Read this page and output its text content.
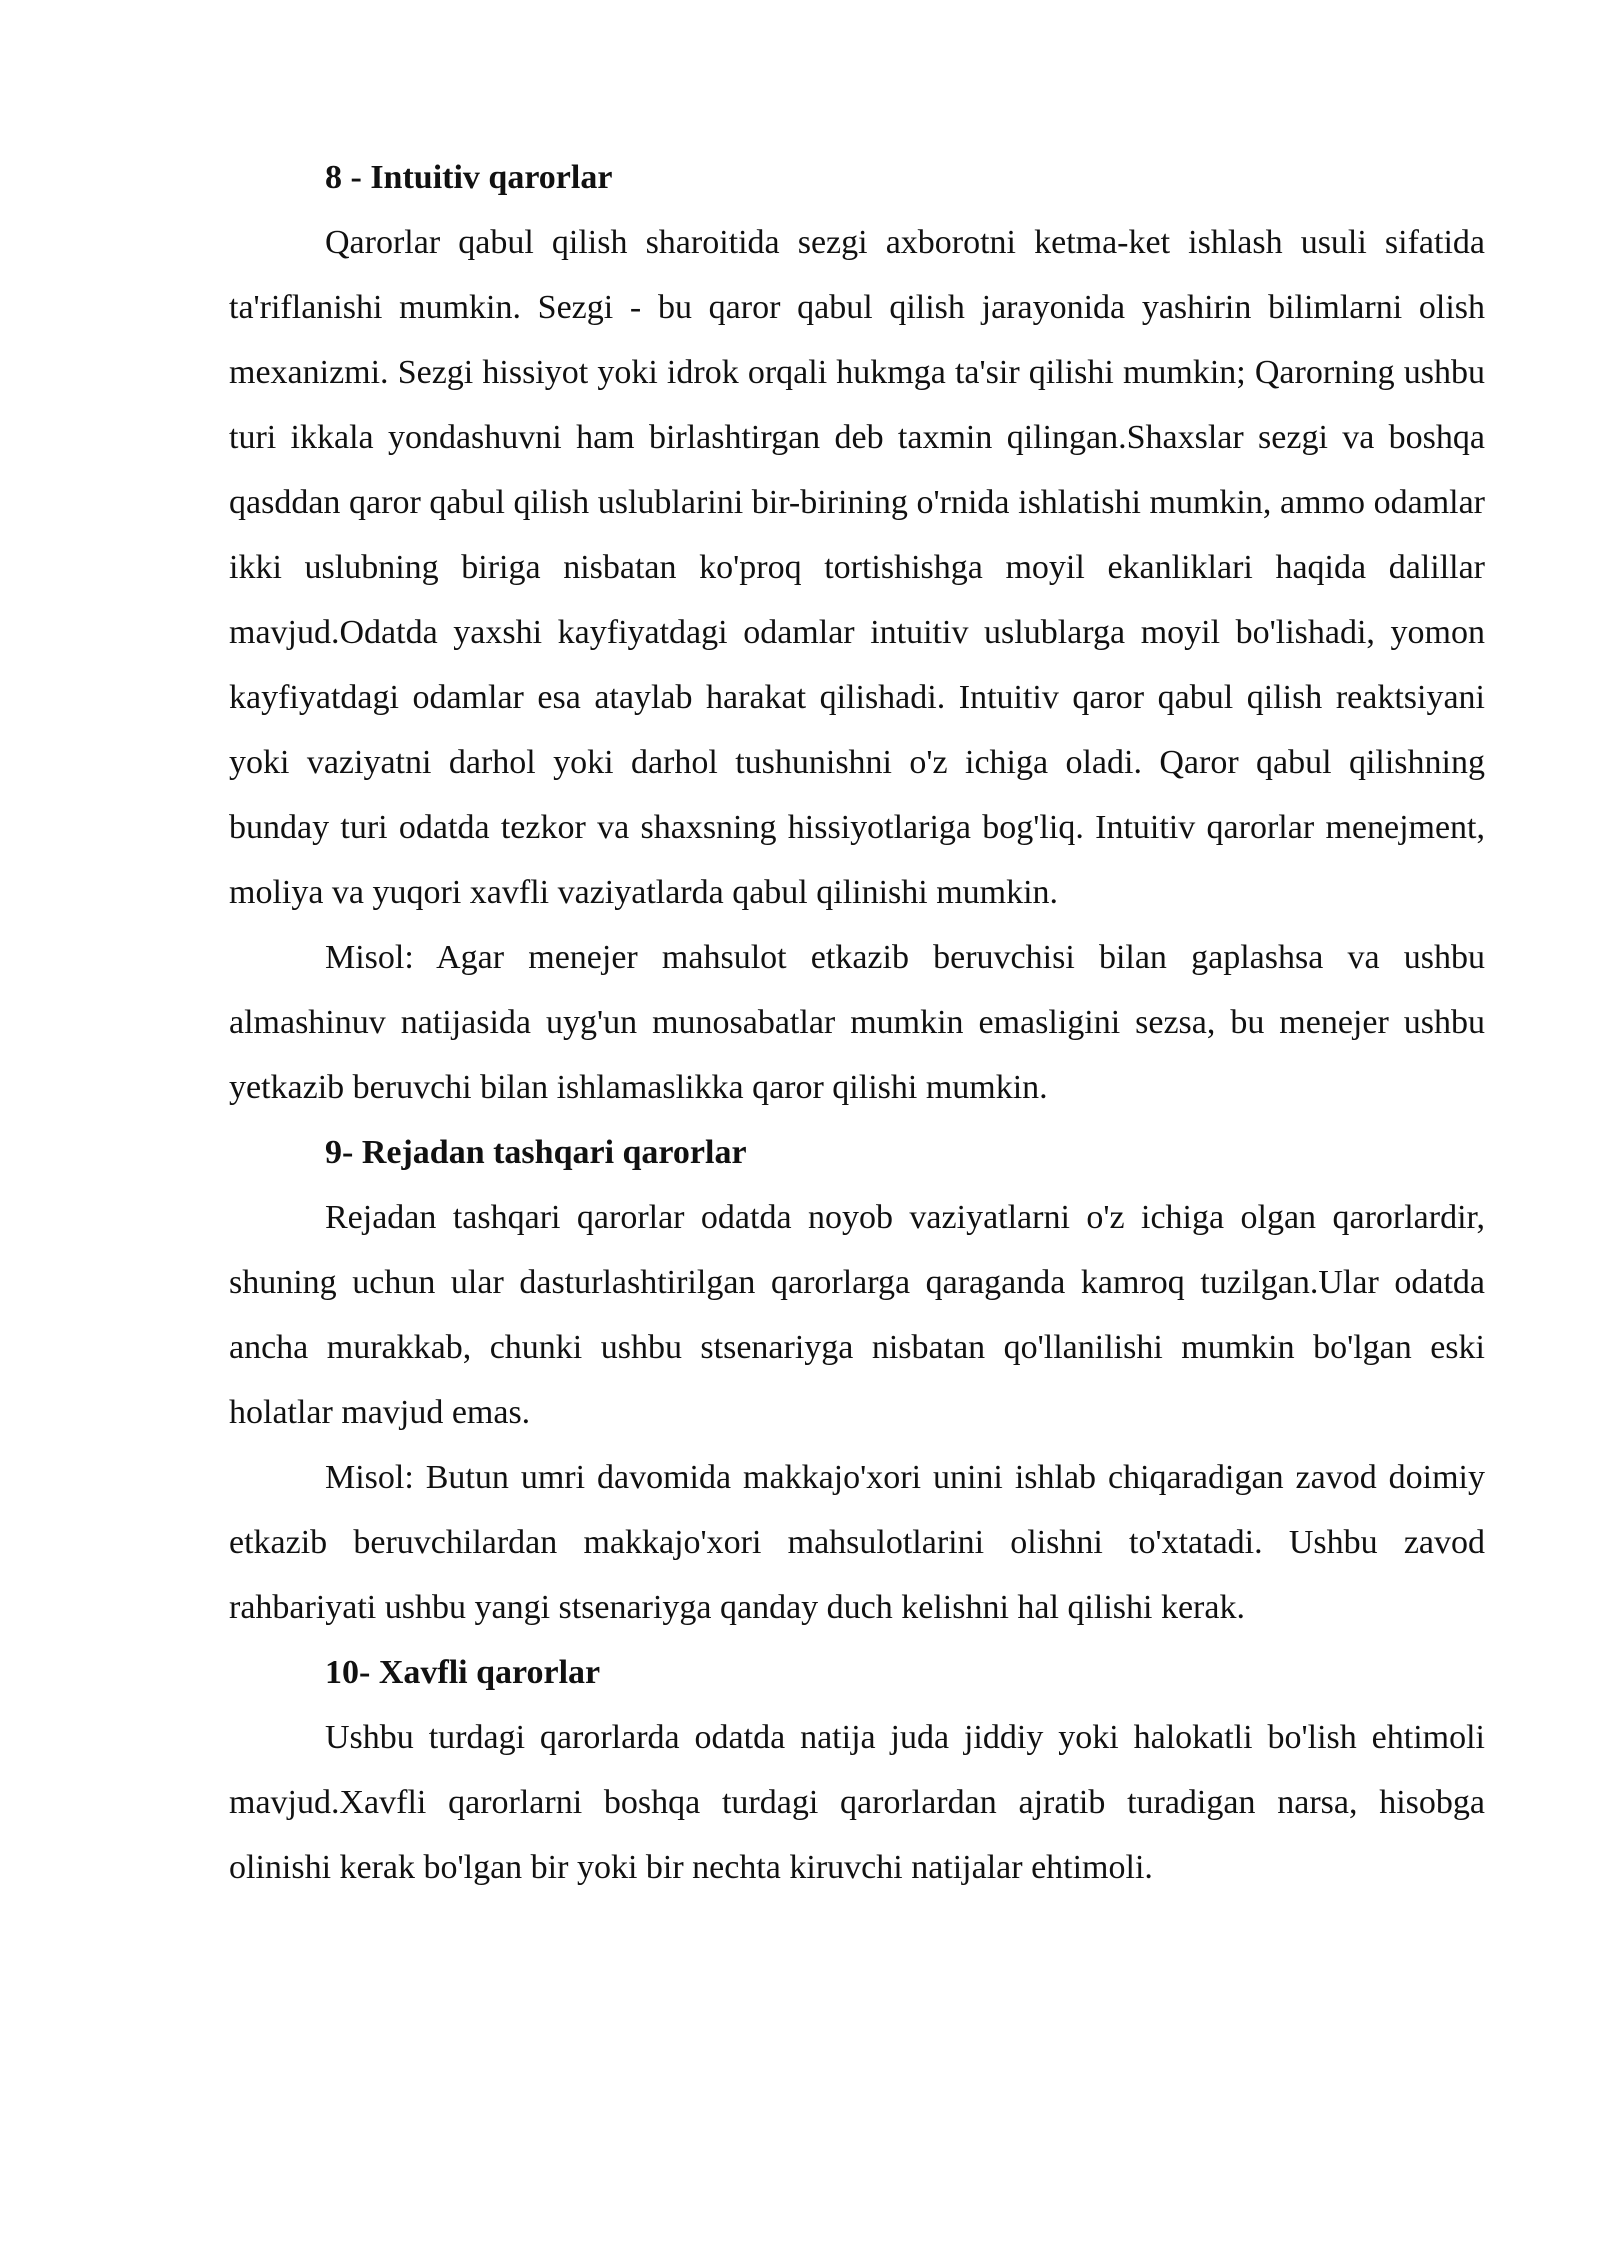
8 - Intuitiv qarorlar

Qarorlar qabul qilish sharoitida sezgi axborotni ketma-ket ishlash usuli sifatida ta'riflanishi mumkin. Sezgi - bu qaror qabul qilish jarayonida yashirin bilimlarni olish mexanizmi. Sezgi hissiyot yoki idrok orqali hukmga ta'sir qilishi mumkin; Qarorning ushbu turi ikkala yondashuvni ham birlashtirgan deb taxmin qilingan.Shaxslar sezgi va boshqa qasddan qaror qabul qilish uslublarini bir-birining o'rnida ishlatishi mumkin, ammo odamlar ikki uslubning biriga nisbatan ko'proq tortishishga moyil ekanliklari haqida dalillar mavjud.Odatda yaxshi kayfiyatdagi odamlar intuitiv uslublarga moyil bo'lishadi, yomon kayfiyatdagi odamlar esa ataylab harakat qilishadi. Intuitiv qaror qabul qilish reaktsiyani yoki vaziyatni darhol yoki darhol tushunishni o'z ichiga oladi. Qaror qabul qilishning bunday turi odatda tezkor va shaxsning hissiyotlariga bog'liq. Intuitiv qarorlar menejment, moliya va yuqori xavfli vaziyatlarda qabul qilinishi mumkin.

Misol: Agar menejer mahsulot etkazib beruvchisi bilan gaplashsa va ushbu almashinuv natijasida uyg'un munosabatlar mumkin emasligini sezsa, bu menejer ushbu yetkazib beruvchi bilan ishlamaslikka qaror qilishi mumkin.

9- Rejadan tashqari qarorlar

Rejadan tashqari qarorlar odatda noyob vaziyatlarni o'z ichiga olgan qarorlardir, shuning uchun ular dasturlashtirilgan qarorlarga qaraganda kamroq tuzilgan.Ular odatda ancha murakkab, chunki ushbu stsenariyga nisbatan qo'llanilishi mumkin bo'lgan eski holatlar mavjud emas.

Misol: Butun umri davomida makkajo'xori unini ishlab chiqaradigan zavod doimiy etkazib beruvchilardan makkajo'xori mahsulotlarini olishni to'xtatadi. Ushbu zavod rahbariyati ushbu yangi stsenariyga qanday duch kelishni hal qilishi kerak.

10- Xavfli qarorlar

Ushbu turdagi qarorlarda odatda natija juda jiddiy yoki halokatli bo'lish ehtimoli mavjud.Xavfli qarorlarni boshqa turdagi qarorlardan ajratib turadigan narsa, hisobga olinishi kerak bo'lgan bir yoki bir nechta kiruvchi natijalar ehtimoli.
